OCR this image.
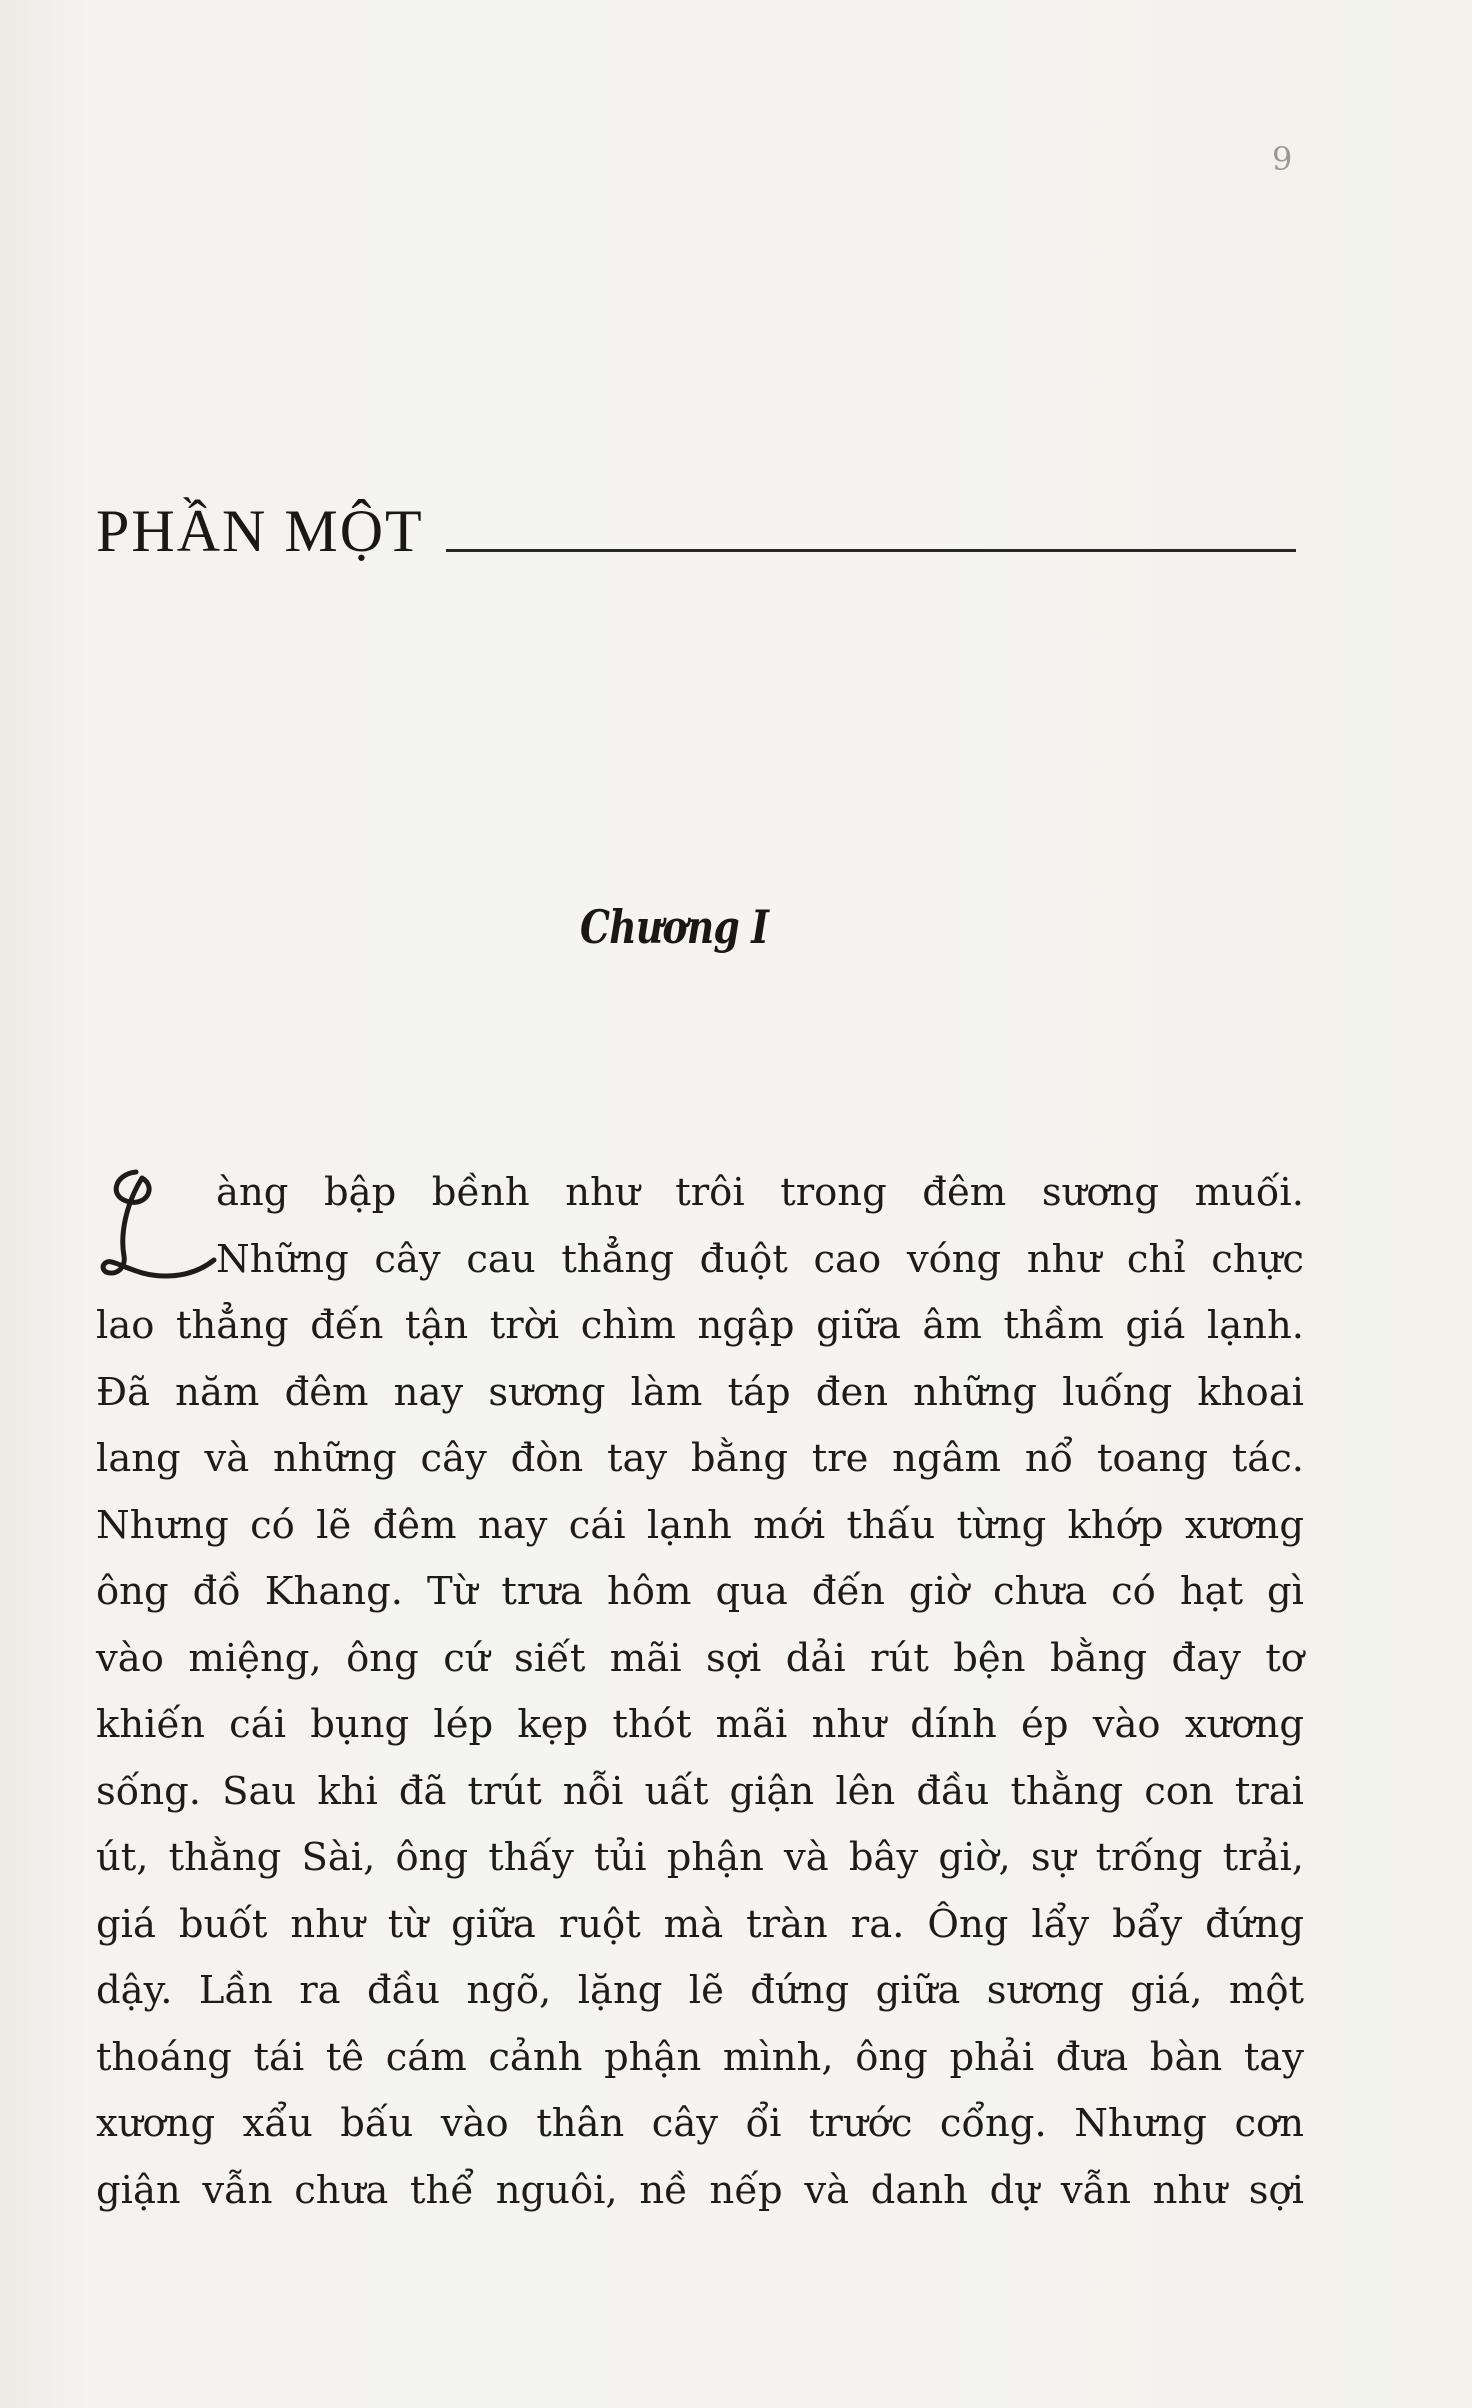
9
PHẦN MỘT
Chương I
L
àng bập bềnh như trôi trong đêm sương muối.
Những cây cau thẳng đuột cao vóng như chỉ chực
lao thẳng đến tận trời chìm ngập giữa âm thầm giá lạnh.
Đã năm đêm nay sương làm táp đen những luống khoai
lang và những cây đòn tay bằng tre ngâm nổ toang tác.
Nhưng có lẽ đêm nay cái lạnh mới thấu từng khớp xương
ông đồ Khang. Từ trưa hôm qua đến giờ chưa có hạt gì
vào miệng, ông cứ siết mãi sợi dải rút bện bằng đay tơ
khiến cái bụng lép kẹp thót mãi như dính ép vào xương
sống. Sau khi đã trút nỗi uất giận lên đầu thằng con trai
út, thằng Sài, ông thấy tủi phận và bây giờ, sự trống trải,
giá buốt như từ giữa ruột mà tràn ra. Ông lẩy bẩy đứng
dậy. Lần ra đầu ngõ, lặng lẽ đứng giữa sương giá, một
thoáng tái tê cám cảnh phận mình, ông phải đưa bàn tay
xương xẩu bấu vào thân cây ổi trước cổng. Nhưng cơn
giận vẫn chưa thể nguôi, nề nếp và danh dự vẫn như sợi
